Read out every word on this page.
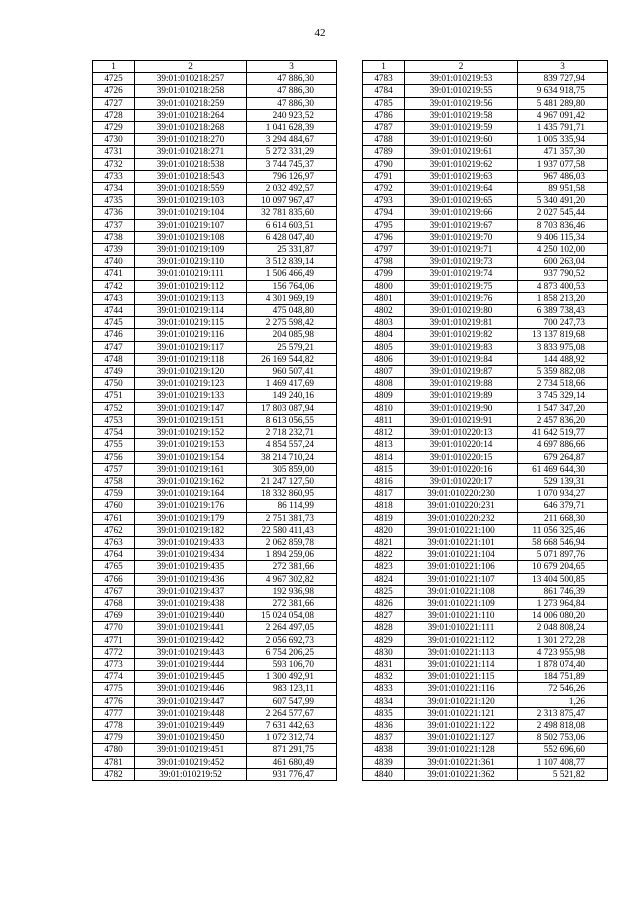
42
1	2	3
4725	39:01:010218:257	47 886,30
4726	39:01:010218:258	47 886,30
4727	39:01:010218:259	47 886,30
4728	39:01:010218:264	240 923,52
4729	39:01:010218:268	1 041 628,39
4730	39:01:010218:270	3 294 484,67
4731	39:01:010218:271	5 272 331,29
4732	39:01:010218:538	3 744 745,37
4733	39:01:010218:543	796 126,97
4734	39:01:010218:559	2 032 492,57
4735	39:01:010219:103	10 097 967,47
4736	39:01:010219:104	32 781 835,60
4737	39:01:010219:107	6 614 603,51
4738	39:01:010219:108	6 428 047,40
4739	39:01:010219:109	25 331,87
4740	39:01:010219:110	3 512 839,14
4741	39:01:010219:111	1 506 466,49
4742	39:01:010219:112	156 764,06
4743	39:01:010219:113	4 301 969,19
4744	39:01:010219:114	475 048,80
4745	39:01:010219:115	2 275 598,42
4746	39:01:010219:116	204 085,98
4747	39:01:010219:117	25 579,21
4748	39:01:010219:118	26 169 544,82
4749	39:01:010219:120	960 507,41
4750	39:01:010219:123	1 469 417,69
4751	39:01:010219:133	149 240,16
4752	39:01:010219:147	17 803 087,94
4753	39:01:010219:151	8 613 056,55
4754	39:01:010219:152	2 718 232,71
4755	39:01:010219:153	4 854 557,24
4756	39:01:010219:154	38 214 710,24
4757	39:01:010219:161	305 859,00
4758	39:01:010219:162	21 247 127,50
4759	39:01:010219:164	18 332 860,95
4760	39:01:010219:176	86 114,99
4761	39:01:010219:179	2 751 381,73
4762	39:01:010219:182	22 580 411,43
4763	39:01:010219:433	2 062 859,78
4764	39:01:010219:434	1 894 259,06
4765	39:01:010219:435	272 381,66
4766	39:01:010219:436	4 967 302,82
4767	39:01:010219:437	192 936,98
4768	39:01:010219:438	272 381,66
4769	39:01:010219:440	15 024 054,08
4770	39:01:010219:441	2 264 497,05
4771	39:01:010219:442	2 056 692,73
4772	39:01:010219:443	6 754 206,25
4773	39:01:010219:444	593 106,70
4774	39:01:010219:445	1 300 492,91
4775	39:01:010219:446	983 123,11
4776	39:01:010219:447	607 547,99
4777	39:01:010219:448	2 264 577,67
4778	39:01:010219:449	7 631 442,63
4779	39:01:010219:450	1 072 312,74
4780	39:01:010219:451	871 291,75
4781	39:01:010219:452	461 680,49
4782	39:01:010219:52	931 776,47
1	2	3
4783	39:01:010219:53	839 727,94
4784	39:01:010219:55	9 634 918,75
4785	39:01:010219:56	5 481 289,80
4786	39:01:010219:58	4 967 091,42
4787	39:01:010219:59	1 435 791,71
4788	39:01:010219:60	1 005 335,94
4789	39:01:010219:61	471 357,30
4790	39:01:010219:62	1 937 077,58
4791	39:01:010219:63	967 486,03
4792	39:01:010219:64	89 951,58
4793	39:01:010219:65	5 340 491,20
4794	39:01:010219:66	2 027 545,44
4795	39:01:010219:67	8 703 836,46
4796	39:01:010219:70	9 406 115,34
4797	39:01:010219:71	4 250 102,00
4798	39:01:010219:73	600 263,04
4799	39:01:010219:74	937 790,52
4800	39:01:010219:75	4 873 400,53
4801	39:01:010219:76	1 858 213,20
4802	39:01:010219:80	6 389 738,43
4803	39:01:010219:81	700 247,73
4804	39:01:010219:82	13 137 819,68
4805	39:01:010219:83	3 833 975,08
4806	39:01:010219:84	144 488,92
4807	39:01:010219:87	5 359 882,08
4808	39:01:010219:88	2 734 518,66
4809	39:01:010219:89	3 745 329,14
4810	39:01:010219:90	1 547 347,20
4811	39:01:010219:91	2 457 836,20
4812	39:01:010220:13	41 642 519,77
4813	39:01:010220:14	4 697 886,66
4814	39:01:010220:15	679 264,87
4815	39:01:010220:16	61 469 644,30
4816	39:01:010220:17	529 139,31
4817	39:01:010220:230	1 070 934,27
4818	39:01:010220:231	646 379,71
4819	39:01:010220:232	211 668,30
4820	39:01:010221:100	11 056 325,46
4821	39:01:010221:101	58 668 546,94
4822	39:01:010221:104	5 071 897,76
4823	39:01:010221:106	10 679 204,65
4824	39:01:010221:107	13 404 500,85
4825	39:01:010221:108	861 746,39
4826	39:01:010221:109	1 273 964,84
4827	39:01:010221:110	14 006 080,20
4828	39:01:010221:111	2 048 808,24
4829	39:01:010221:112	1 301 272,28
4830	39:01:010221:113	4 723 955,98
4831	39:01:010221:114	1 878 074,40
4832	39:01:010221:115	184 751,89
4833	39:01:010221:116	72 546,26
4834	39:01:010221:120	1,26
4835	39:01:010221:121	2 313 875,47
4836	39:01:010221:122	2 498 818,08
4837	39:01:010221:127	8 502 753,06
4838	39:01:010221:128	552 696,60
4839	39:01:010221:361	1 107 408,77
4840	39:01:010221:362	5 521,82
